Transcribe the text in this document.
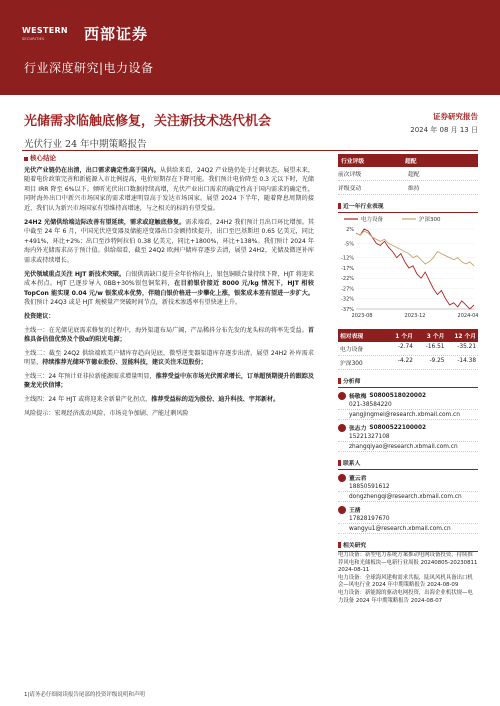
WESTERN
SECURITIES	西部证券
行业深度研究|电力设备
光储需求临触底修复，关注新技术迭代机会
光伏行业 24 年中期策略报告
证券研究报告
2024 年 08 月 13 日
核心结论

光伏产业链仍在出清，出口需求确定性高于国内。从供给来看，24Q2 产业链仍处于过剩状态。展望未来，随着电价政策完善和新能源入市比例提高，电价短期存在下降可能。我们预计电价降至 0.3 元以下时，光储项目 IRR 降至 6%以下。倾听光伏出口数据持续高增，光伏产业出口需求的确定性高于国内需求的确定性，同时海外出口中新兴市场国家的需求增速明显高于发达市场国家。展望 2024 下半年，随着降息周期的接近，我们认为新兴市场国家有望维持高增速，与之相关的标的有望受益。

24H2 光储供给端边际改善有望延续，需求或迎触底修复。需求端看，24H2 我们预计且出口环比增加。其中截至 24 年 6 月，中国光伏逆变器及储能逆变器出口金额持续提升，出口至巴基斯坦 0.65 亿美元，同比+491%，环比+2%；出口至沙特阿拉伯 0.38 亿美元，同比+1800%，环比+138%。我们预计 2024 年海内外光储需求高于预计值。供给端看，截至 24Q2 欧洲户储库存逐步去清，展望 24H2，光储及微逆补库需求或持续增长。

光伏领域重点关注 HJT 新技术突破。白银供需缺口提升全年价格向上，银包铜联合量持续下降，HJT 将迎来成本拐点。HJT 已逐步导入 0BB+30%银包铜浆料，在目前银价接近 8000 元/kg 情况下，HJT 相较 TopCon 能实现 0.04 元/w 银浆成本优势，伴随白银价格进一步攀化上涨，银浆成本差有望进一步扩大。我们预计 24Q3 或是 HJT 规模量产突破时间节点，新技术渗透率有望快速上升。

投资建议：

主线一：在光储见底需求修复的过程中，海外渠道布局广阔，产品稀抖分布先发的龙头标的将率先受益。首推具备估值优势及个股α的阳光电源；

主线二：截至 24Q2 供给端欧美户储库存趋向见底，微型逆变器渠道库存逐步出清，展望 24H2 补库需求明显，持续推荐光储环节德业股份、昱能科技，建议关注禾迈股份；

主线三：24 年预计亚非拉新能源需求增量明显，推荐受益中东市场光伏需求增长，订单超预期提升的跟踪及聚龙光伏信博；

主线四：24 年 HJT 或将迎来全新量产化拐点，推荐受益标的迈为股份、迪升科技、宇邦新材。

风险提示：宏观经济波动风险、市场竞争加剧、产能过剩风险

行业评级	超配
前次评级	超配
评级变动	维持
近一年行业表现
电力设备	沪深300
2%
-5%
-12%
-17%
-22%
-27%
-32%
-37%
2023-08	2023-12	2024-04
相对表现	1 个月	3 个月	12 个月
电力设备	-2.74	-16.51	-35.21
沪深300	-4.22	-9.25	-14.38
分析师
杨敬梅 S0800518020002
021-38584220
yangjingmei@research.xbmail.com.cn
张志力 S0800522100002
15221327108
zhangqiyao@research.xbmail.com.cn
联系人
董云君
18850591612
dongzhengqi@research.xbmail.com.cn
王凿
17828197670
wangyu1@research.xbmail.com.cn
相关研究
电力设备：新型电力系统方案推动电网设备投资，持续推荐风电和光储板块—电新行业周报 20240805-20230811 2024-08-11
电力设备：全球海风建构需求共振，陆风风机具备出口机会—风电行业 2024 年中期策略报告 2024-08-09
电力设备：新能源的驱动电网投资，出海企业机状规—电力设备 2024 年中期策略报告 2024-08-07
1|请务必仔细阅读报告尾部的投资评级说明和声明
